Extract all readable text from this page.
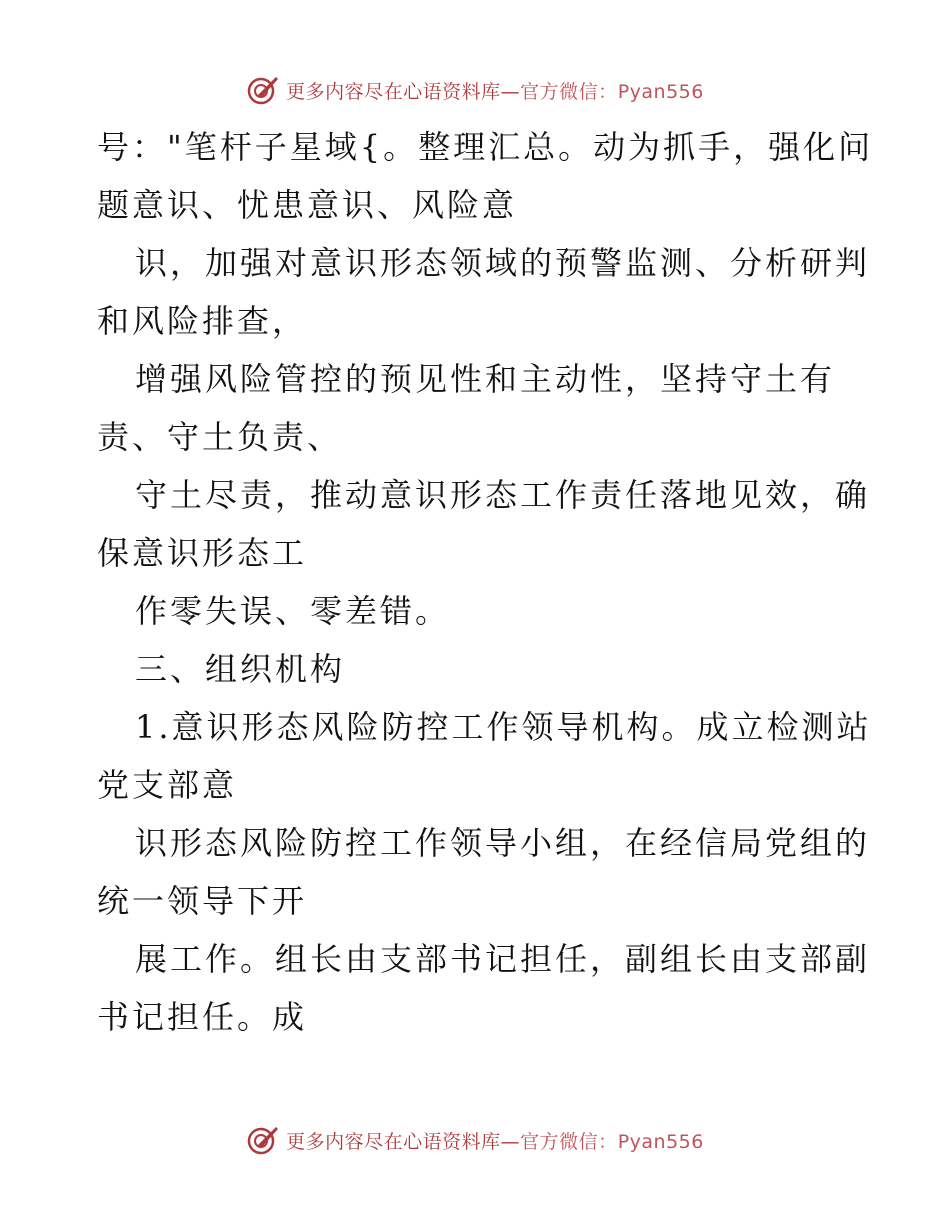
更多内容尽在心语资料库—官方微信：Pyan556
号："笔杆子星域{。整理汇总。动为抓手，强化问
题意识、忧患意识、风险意
识，加强对意识形态领域的预警监测、分析研判
和风险排查，
增强风险管控的预见性和主动性，坚持守土有
责、守土负责、
守土尽责，推动意识形态工作责任落地见效，确
保意识形态工
作零失误、零差错。
三、组织机构
1.意识形态风险防控工作领导机构。成立检测站
党支部意
识形态风险防控工作领导小组，在经信局党组的
统一领导下开
展工作。组长由支部书记担任，副组长由支部副
书记担任。成
更多内容尽在心语资料库—官方微信：Pyan556
